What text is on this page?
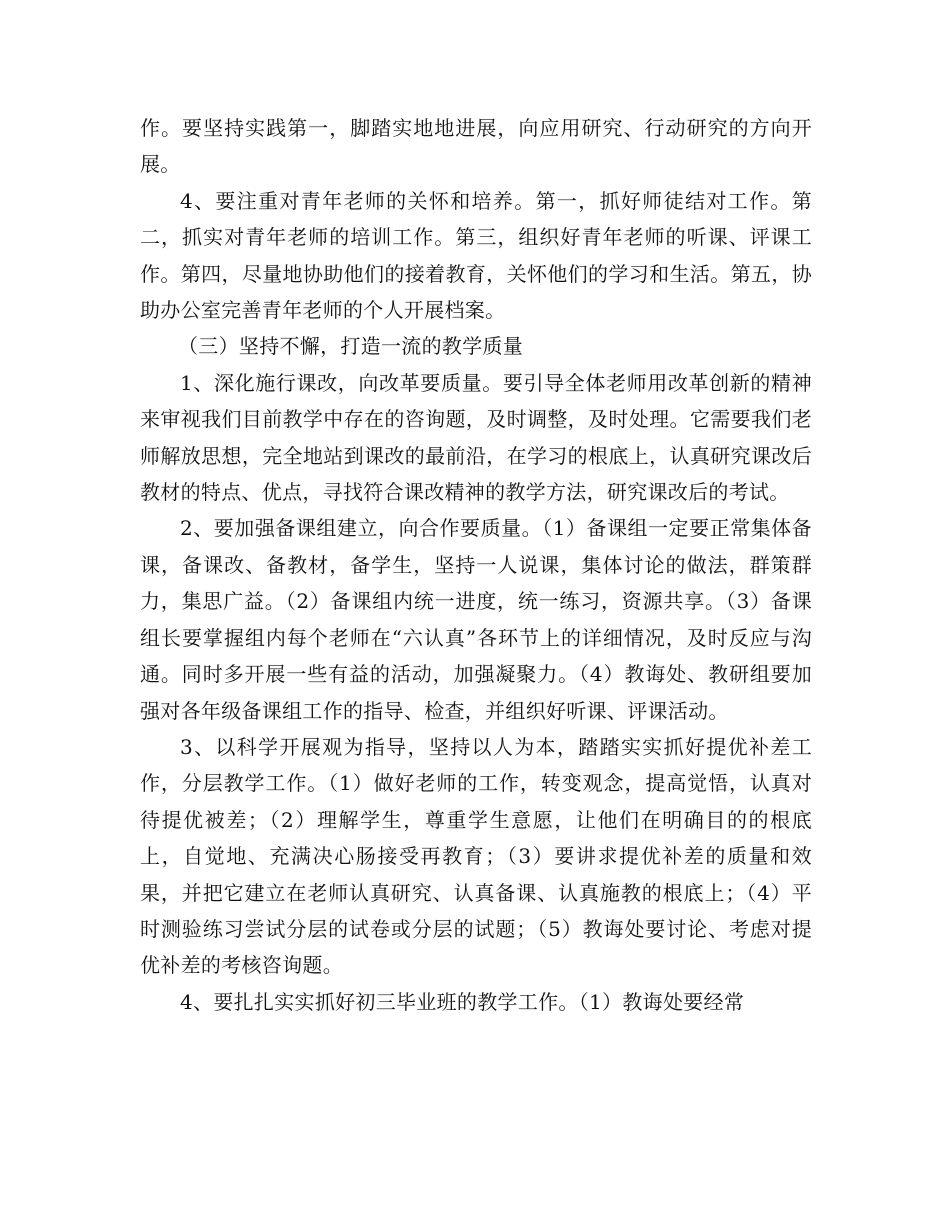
作。要坚持实践第一，脚踏实地地进展，向应用研究、行动研究的方向开展。

4、要注重对青年老师的关怀和培养。第一，抓好师徒结对工作。第二，抓实对青年老师的培训工作。第三，组织好青年老师的听课、评课工作。第四，尽量地协助他们的接着教育，关怀他们的学习和生活。第五，协助办公室完善青年老师的个人开展档案。

（三）坚持不懈，打造一流的教学质量

1、深化施行课改，向改革要质量。要引导全体老师用改革创新的精神来审视我们目前教学中存在的咨询题，及时调整，及时处理。它需要我们老师解放思想，完全地站到课改的最前沿，在学习的根底上，认真研究课改后教材的特点、优点，寻找符合课改精神的教学方法，研究课改后的考试。

2、要加强备课组建立，向合作要质量。（1）备课组一定要正常集体备课，备课改、备教材，备学生，坚持一人说课，集体讨论的做法，群策群力，集思广益。（2）备课组内统一进度，统一练习，资源共享。（3）备课组长要掌握组内每个老师在“六认真”各环节上的详细情况，及时反应与沟通。同时多开展一些有益的活动，加强凝聚力。（4）教诲处、教研组要加强对各年级备课组工作的指导、检查，并组织好听课、评课活动。

3、以科学开展观为指导，坚持以人为本，踏踏实实抓好提优补差工作，分层教学工作。（1）做好老师的工作，转变观念，提高觉悟，认真对待提优被差；（2）理解学生，尊重学生意愿，让他们在明确目的的根底上，自觉地、充满决心肠接受再教育；（3）要讲求提优补差的质量和效果，并把它建立在老师认真研究、认真备课、认真施教的根底上；（4）平时测验练习尝试分层的试卷或分层的试题；（5）教诲处要讨论、考虑对提优补差的考核咨询题。

4、要扎扎实实抓好初三毕业班的教学工作。（1）教诲处要经常
